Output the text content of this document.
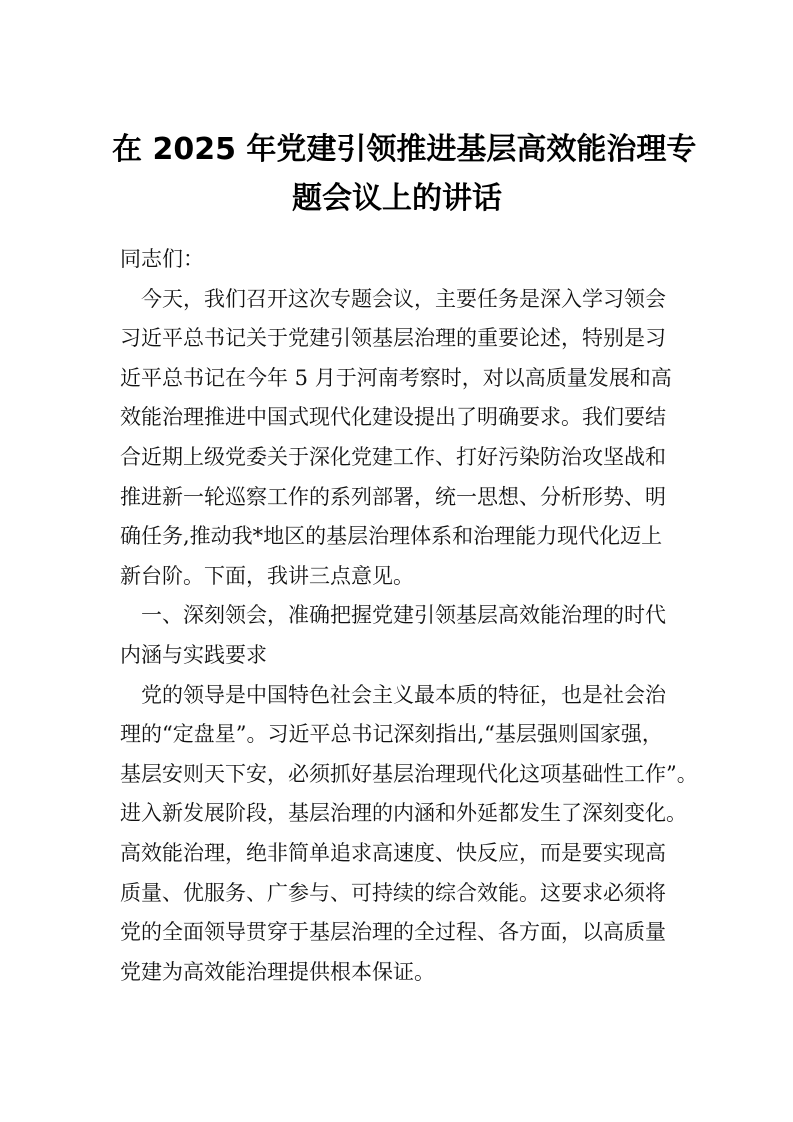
在 2025 年党建引领推进基层高效能治理专
题会议上的讲话

同志们：

今天，我们召开这次专题会议，主要任务是深入学习领会
习近平总书记关于党建引领基层治理的重要论述，特别是习
近平总书记在今年 5 月于河南考察时，对以高质量发展和高
效能治理推进中国式现代化建设提出了明确要求。我们要结
合近期上级党委关于深化党建工作、打好污染防治攻坚战和
推进新一轮巡察工作的系列部署，统一思想、分析形势、明
确任务,推动我*地区的基层治理体系和治理能力现代化迈上
新台阶。下面，我讲三点意见。

一、深刻领会，准确把握党建引领基层高效能治理的时代
内涵与实践要求

党的领导是中国特色社会主义最本质的特征，也是社会治
理的“定盘星”。习近平总书记深刻指出,“基层强则国家强，
基层安则天下安，必须抓好基层治理现代化这项基础性工作”。
进入新发展阶段，基层治理的内涵和外延都发生了深刻变化。
高效能治理，绝非简单追求高速度、快反应，而是要实现高
质量、优服务、广参与、可持续的综合效能。这要求必须将
党的全面领导贯穿于基层治理的全过程、各方面，以高质量
党建为高效能治理提供根本保证。
